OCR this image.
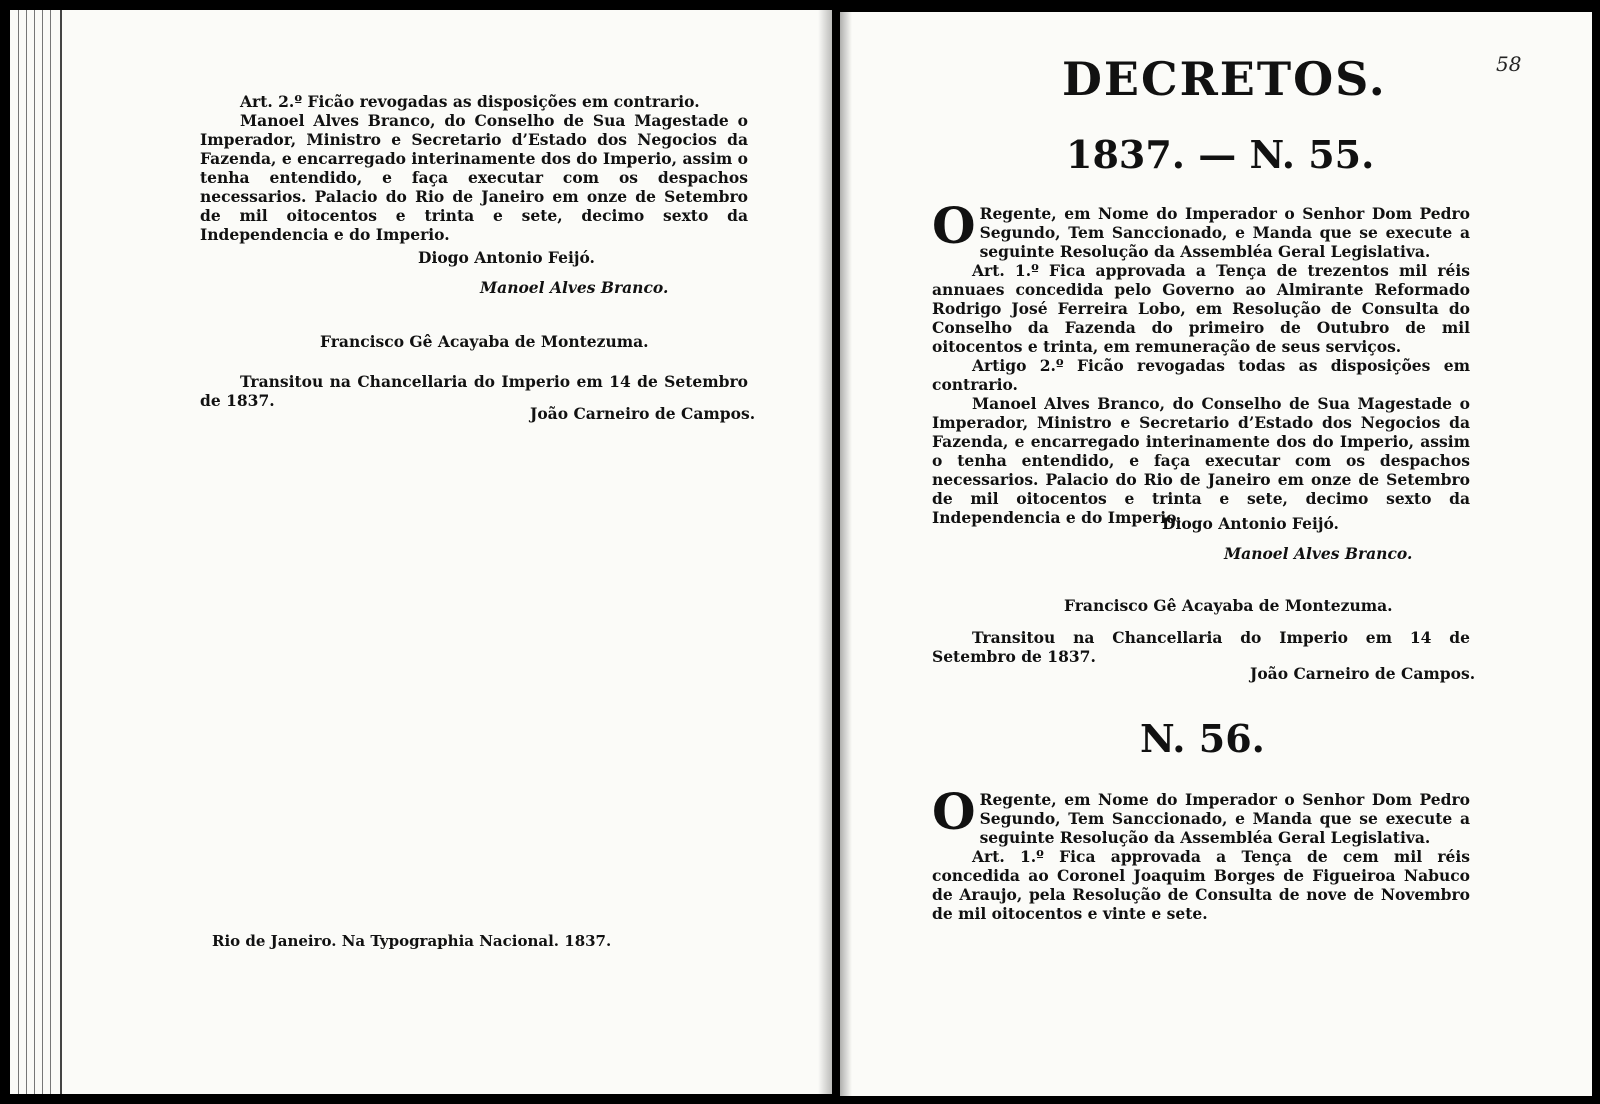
Art. 2.º Ficão revogadas as disposições em contrario.

Manoel Alves Branco, do Conselho de Sua Magestade o Imperador, Ministro e Secretario d’Estado dos Negocios da Fazenda, e encarregado interinamente dos do Imperio, assim o tenha entendido, e faça executar com os despachos necessarios. Palacio do Rio de Janeiro em onze de Setembro de mil oitocentos e trinta e sete, decimo sexto da Independencia e do Imperio.

Diogo Antonio Feijó.
Manoel Alves Branco.
Francisco Gê Acayaba de Montezuma.

Transitou na Chancellaria do Imperio em 14 de Setembro de 1837.

João Carneiro de Campos.
Rio de Janeiro. Na Typographia Nacional. 1837.
58
DECRETOS.
1837. — N. 55.
O Regente, em Nome do Imperador o Senhor Dom Pedro Segundo, Tem Sanccionado, e Manda que se execute a seguinte Resolução da Assembléa Geral Legislativa.

Art. 1.º Fica approvada a Tença de trezentos mil réis annuaes concedida pelo Governo ao Almirante Reformado Rodrigo José Ferreira Lobo, em Resolução de Consulta do Conselho da Fazenda do primeiro de Outubro de mil oitocentos e trinta, em remuneração de seus serviços.

Artigo 2.º Ficão revogadas todas as disposições em contrario.

Manoel Alves Branco, do Conselho de Sua Magestade o Imperador, Ministro e Secretario d’Estado dos Negocios da Fazenda, e encarregado interinamente dos do Imperio, assim o tenha entendido, e faça executar com os despachos necessarios. Palacio do Rio de Janeiro em onze de Setembro de mil oitocentos e trinta e sete, decimo sexto da Independencia e do Imperio.

Diogo Antonio Feijó.
Manoel Alves Branco.
Francisco Gê Acayaba de Montezuma.

Transitou na Chancellaria do Imperio em 14 de Setembro de 1837.

João Carneiro de Campos.
N. 56.
O Regente, em Nome do Imperador o Senhor Dom Pedro Segundo, Tem Sanccionado, e Manda que se execute a seguinte Resolução da Assembléa Geral Legislativa.

Art. 1.º Fica approvada a Tença de cem mil réis concedida ao Coronel Joaquim Borges de Figueiroa Nabuco de Araujo, pela Resolução de Consulta de nove de Novembro de mil oitocentos e vinte e sete.
